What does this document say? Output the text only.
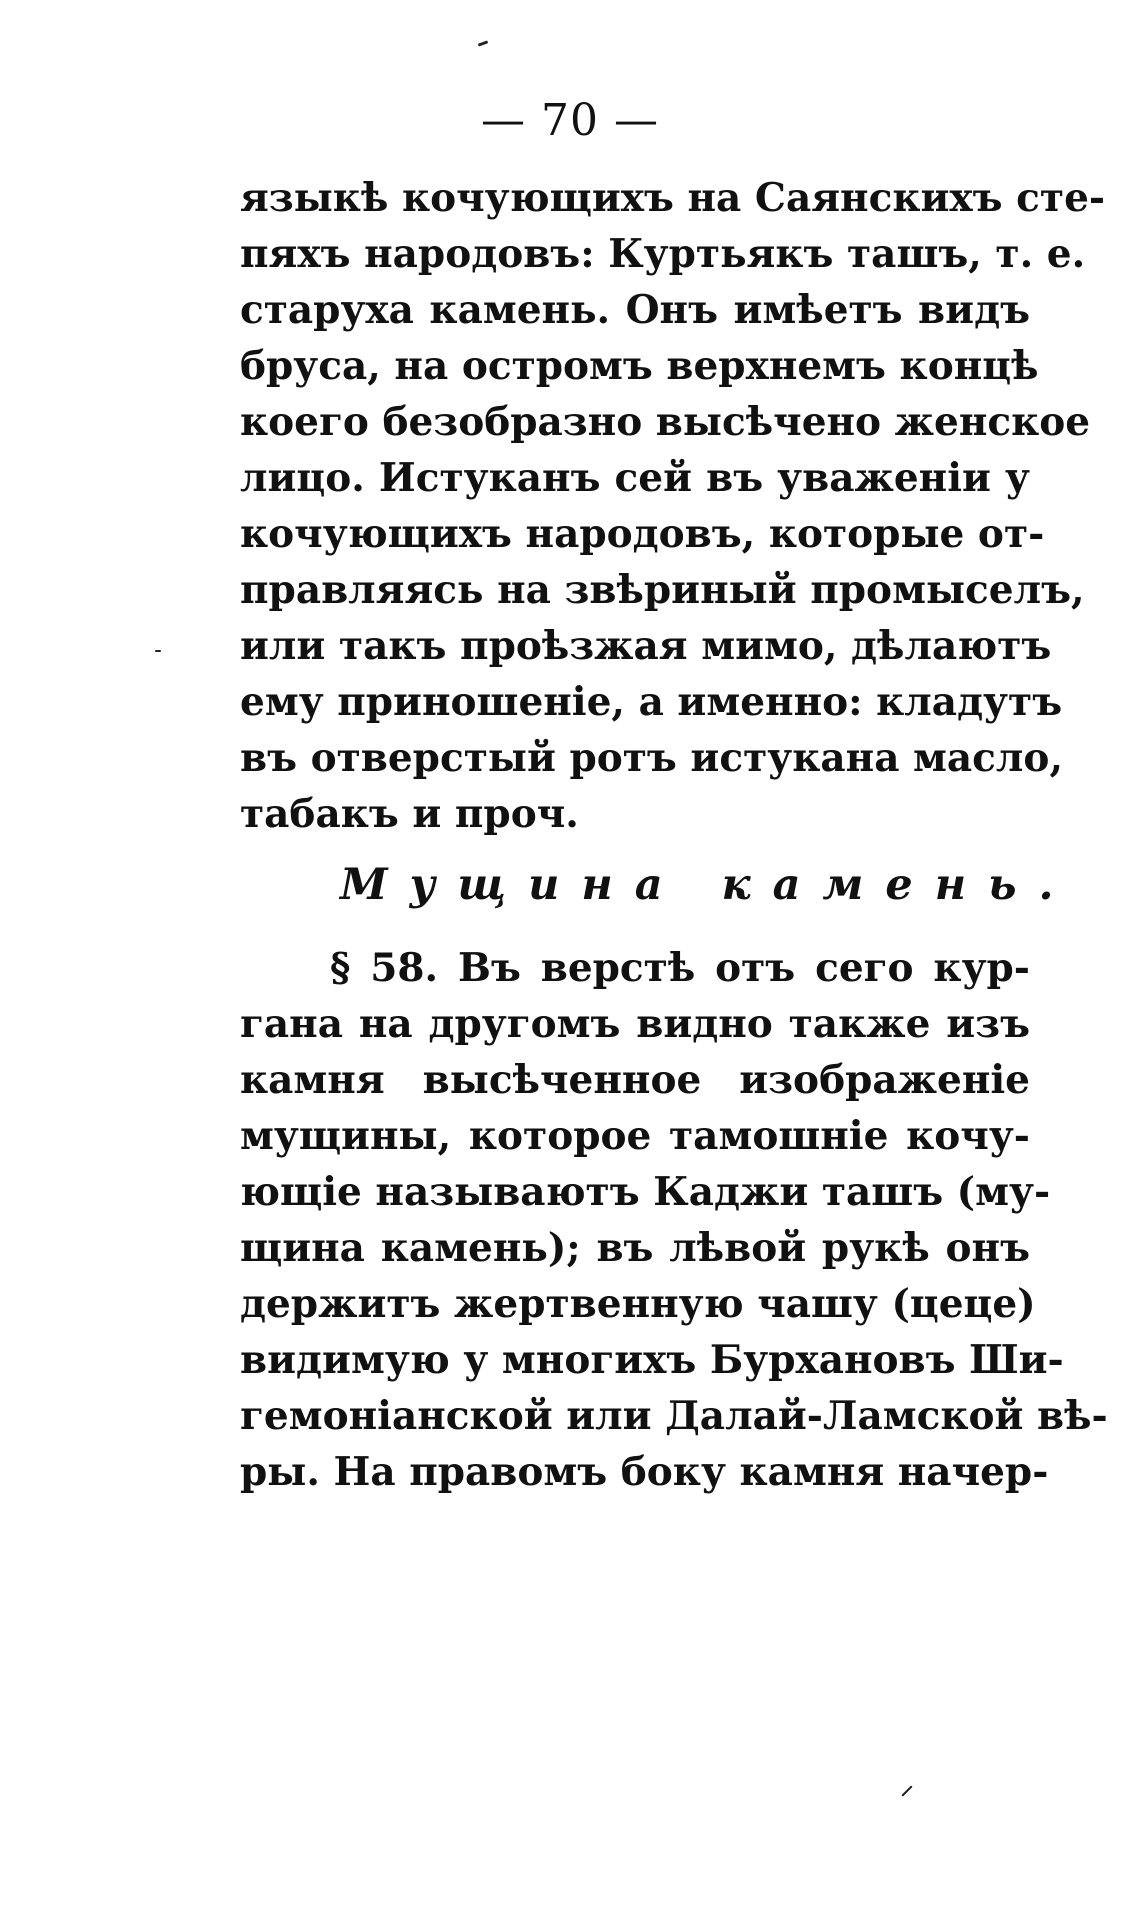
— 70 —
языкѣ кочующихъ на Саянскихъ сте-
пяхъ народовъ: Куртьякъ ташъ, т. е.
старуха камень. Онъ имѣетъ видъ
бруса, на острoмъ верхнемъ концѣ
коего безобразно высѣчено женское
лицо. Истуканъ сей въ уваженiи у
кочующихъ народовъ, которые от-
правляясь на звѣриный промыселъ,
или такъ проѣзжая мимо, дѣлаютъ
ему приношенiе, а именно: кладутъ
въ отверстый ротъ истукана масло,
табакъ и проч.
Мущина камень.
§ 58. Въ верстѣ отъ сего кур-
гана на другомъ видно также изъ
камня высѣченное изображенiе
мущины, которое тамошнiе кочу-
ющiе называютъ Каджи ташъ (му-
щина камень); въ лѣвой рукѣ онъ
держитъ жертвенную чашу (цеце)
видимую у многихъ Бурхановъ Ши-
гемонiанской или Далай-Ламской вѣ-
ры. На правомъ боку камня начер-
